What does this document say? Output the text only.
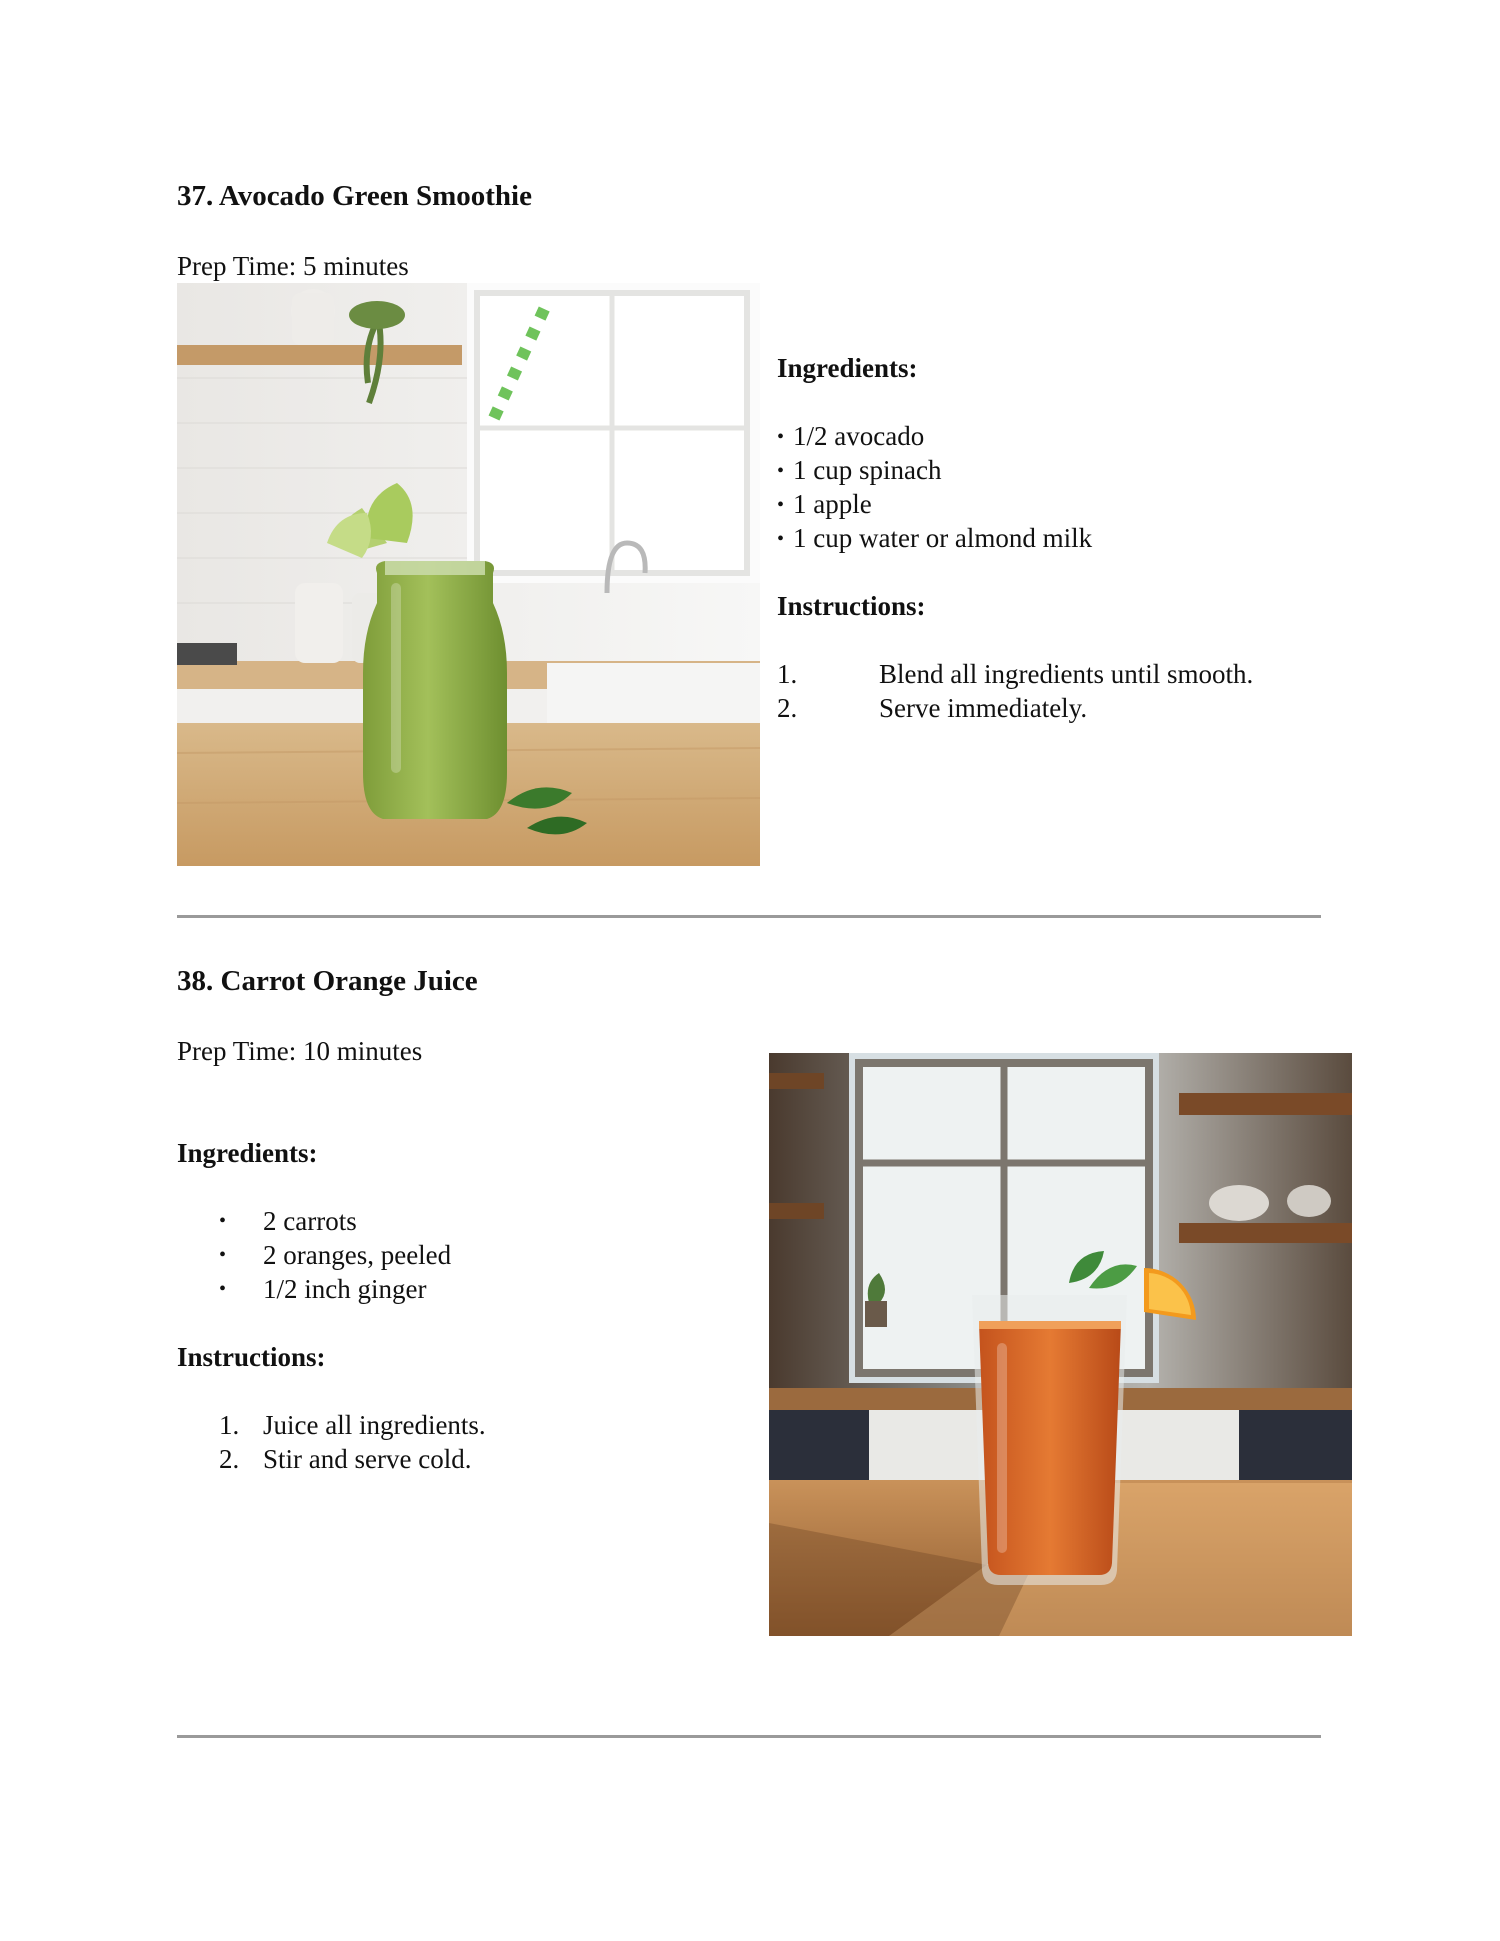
37. Avocado Green Smoothie
Prep Time: 5 minutes
Ingredients:
• 1/2 avocado
• 1 cup spinach
• 1 apple
• 1 cup water or almond milk
Instructions:
1.	Blend all ingredients until smooth.
2.	Serve immediately.
38. Carrot Orange Juice
Prep Time: 10 minutes
Ingredients:
• 2 carrots
• 2 oranges, peeled
• 1/2 inch ginger
Instructions:
1. Juice all ingredients.
2. Stir and serve cold.
